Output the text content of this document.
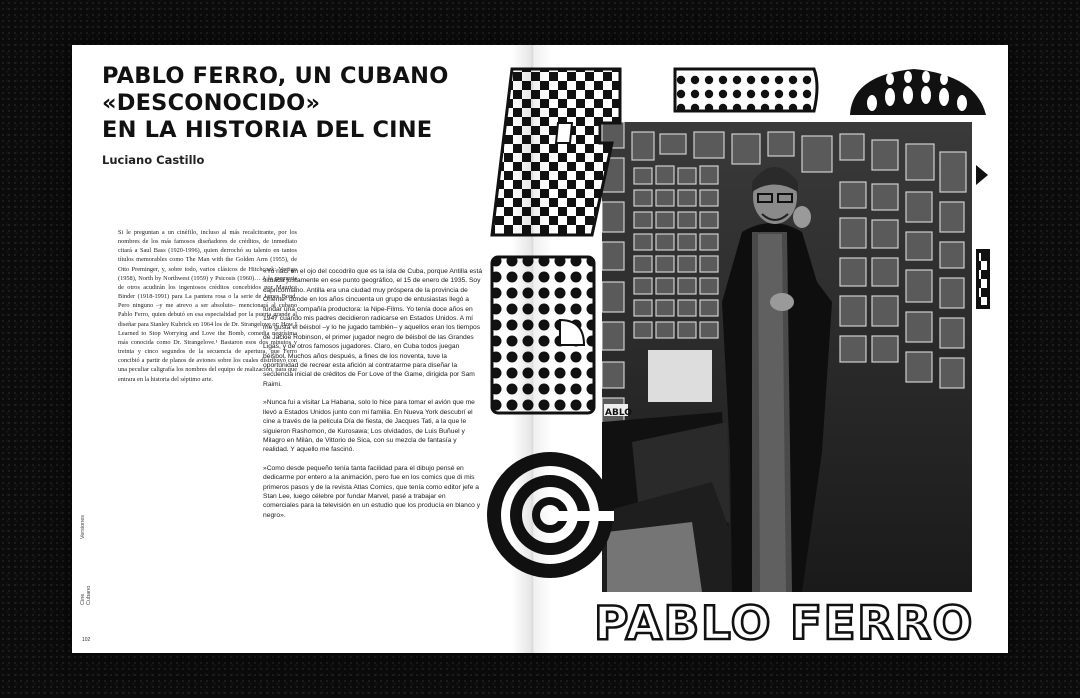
PABLO FERRO, UN CUBANO
«DESCONOCIDO»
EN LA HISTORIA DEL CINE
Luciano Castillo

Si le preguntan a un cinéfilo, incluso al más recalcitrante, por los nombres de los más famosos diseñadores de créditos, de inmediato citará a Saul Bass (1920-1996), quien derrochó su talento en tantos títulos memorables como The Man with the Golden Arm (1955), de Otto Preminger, y, sobre todo, varios clásicos de Hitchcock: Vertigo (1958), North by Northwest (1959) y Psicosis (1960)… A la memoria de otros acudirán los ingeniosos créditos concebidos por Maurice Binder (1918-1991) para La pantera rosa o la serie de James Bond. Pero ninguno –y me atrevo a ser absoluto– mencionará al cubano Pablo Ferro, quien debutó en esa especialidad por la puerta grande al diseñar para Stanley Kubrick en 1964 los de Dr. Strangelove or: How I Learned to Stop Worrying and Love the Bomb, comedia negrísima más conocida como Dr. Strangelove.¹ Bastaron esos dos minutos y treinta y cinco segundos de la secuencia de apertura, que Ferro concibió a partir de planos de aviones sobre los cuales distribuyó con una peculiar caligrafía los nombres del equipo de realización, para que entrara en la historia del séptimo arte.

«Yo nací en el ojo del cocodrilo que es la isla de Cuba, porque Antilla está situada justamente en ese punto geográfico, el 15 de enero de 1935. Soy capricorniano. Antilla era una ciudad muy próspera de la provincia de Oriente² donde en los años cincuenta un grupo de entusiastas llegó a fundar una compañía productora: la Nipe-Films. Yo tenía doce años en 1947 cuando mis padres decidieron radicarse en Estados Unidos. A mí me gusta el béisbol –y lo he jugado también– y aquellos eran los tiempos de Jackie Robinson, el primer jugador negro de béisbol de las Grandes Ligas, y de otros famosos jugadores. Claro, en Cuba todos juegan béisbol. Muchos años después, a fines de los noventa, tuve la oportunidad de recrear esta afición al contratarme para diseñar la secuencia inicial de créditos de For Love of the Game, dirigida por Sam Raimi.

»Nunca fui a visitar La Habana, solo lo hice para tomar el avión que me llevó a Estados Unidos junto con mi familia. En Nueva York descubrí el cine a través de la película Día de fiesta, de Jacques Tati, a la que le siguieron Rashomon, de Kurosawa; Los olvidados, de Luis Buñuel y Milagro en Milán, de Vittorio de Sica, con su mezcla de fantasía y realidad. Y aquello me fascinó.

»Como desde pequeño tenía tanta facilidad para el dibujo pensé en dedicarme por entero a la animación, pero fue en los comics que di mis primeros pasos y de la revista Atlas Comics, que tenía como editor jefe a Stan Lee, luego célebre por fundar Marvel, pasé a trabajar en comerciales para la televisión en un estudio que los producía en blanco y negro».

Cine Cubano
Versiones
102	PABLO FERRO
ABLO
